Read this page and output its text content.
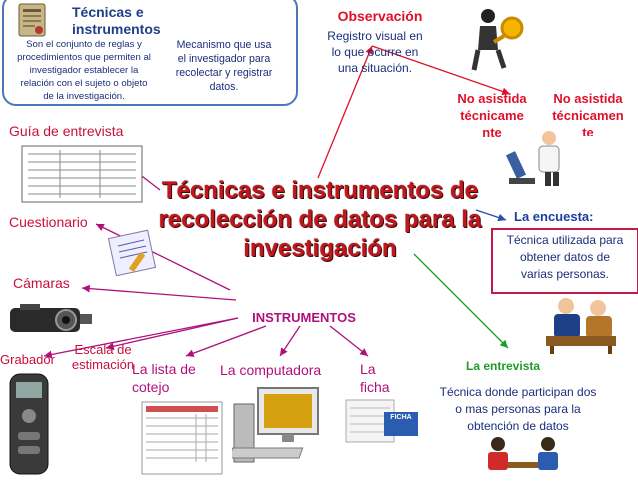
Técnicas e
instrumentos
Son el conjunto de reglas y
procedimientos que permiten al
investigador establecer la
relación con el sujeto o objeto
de la investigación.
Mecanismo que usa
el investigador para
recolectar y registrar
datos.
Observación
Registro visual en
lo que ocurre en
una situación.
No asistida
técnicame
nte
No asistida
técnicamen
te
Técnicas e instrumentos de
recolección de datos para la
investigación
Guía de entrevista
Cuestionario
Cámaras
Grabador
Escala de
estimación
INSTRUMENTOS
La lista de
cotejo
La computadora	La
ficha
FICHA
La encuesta:
Técnica utilizada para
obtener datos de
varias personas.
La entrevista
Técnica donde participan dos
o mas personas para la
obtención de datos
